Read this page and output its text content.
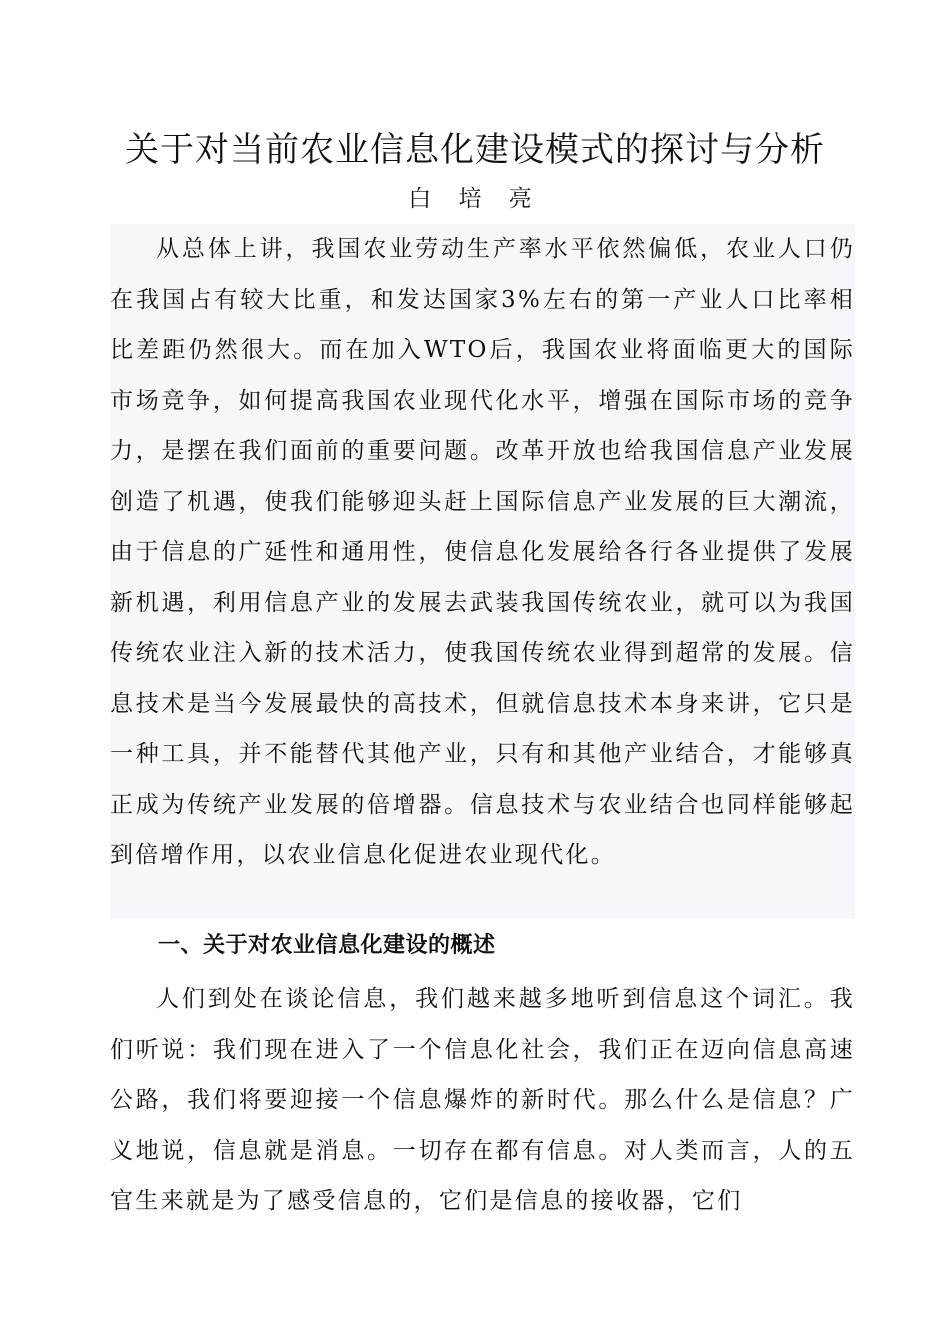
关于对当前农业信息化建设模式的探讨与分析
白 培 亮

从总体上讲，我国农业劳动生产率水平依然偏低，农业人口仍在我国占有较大比重，和发达国家3%左右的第一产业人口比率相比差距仍然很大。而在加入WTO后，我国农业将面临更大的国际市场竞争，如何提高我国农业现代化水平，增强在国际市场的竞争力，是摆在我们面前的重要问题。改革开放也给我国信息产业发展创造了机遇，使我们能够迎头赶上国际信息产业发展的巨大潮流，由于信息的广延性和通用性，使信息化发展给各行各业提供了发展新机遇，利用信息产业的发展去武装我国传统农业，就可以为我国传统农业注入新的技术活力，使我国传统农业得到超常的发展。信息技术是当今发展最快的高技术，但就信息技术本身来讲，它只是一种工具，并不能替代其他产业，只有和其他产业结合，才能够真正成为传统产业发展的倍增器。信息技术与农业结合也同样能够起到倍增作用，以农业信息化促进农业现代化。

一、关于对农业信息化建设的概述

人们到处在谈论信息，我们越来越多地听到信息这个词汇。我们听说：我们现在进入了一个信息化社会，我们正在迈向信息高速公路，我们将要迎接一个信息爆炸的新时代。那么什么是信息？广义地说，信息就是消息。一切存在都有信息。对人类而言，人的五官生来就是为了感受信息的，它们是信息的接收器，它们
